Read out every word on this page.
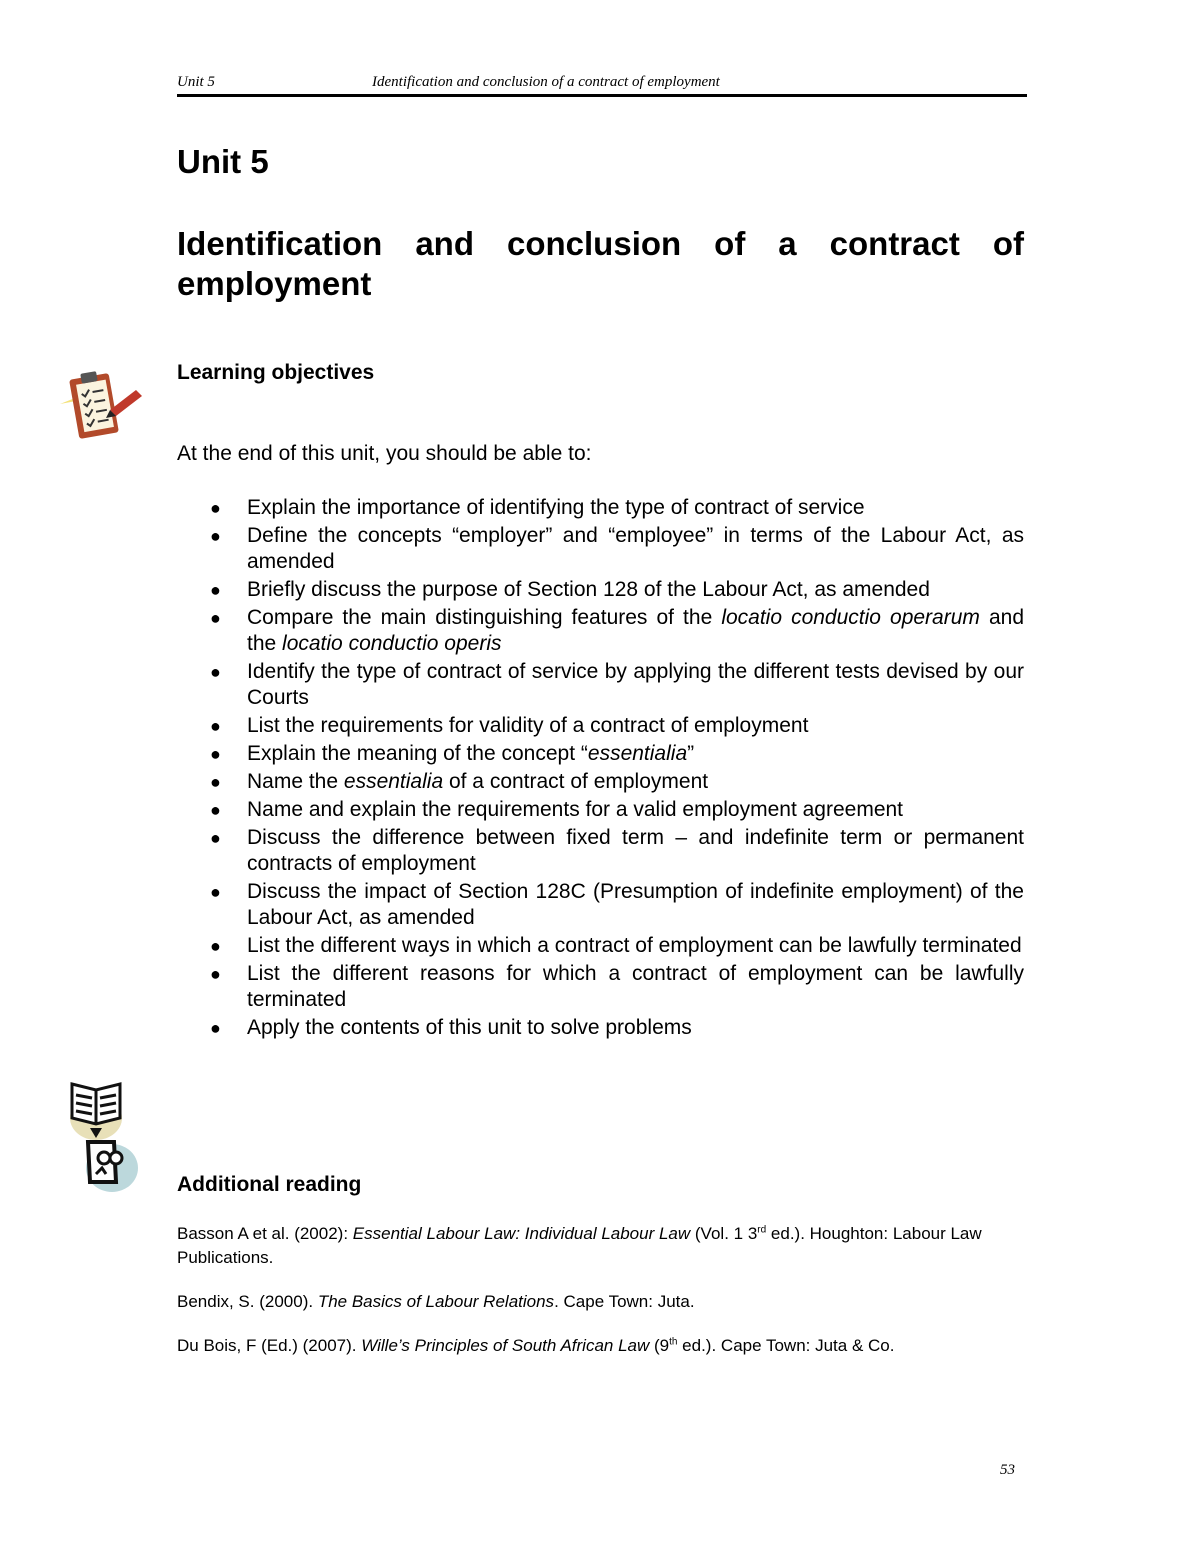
Unit 5	Identification and conclusion of a contract of employment
Unit 5
Identification and conclusion of a contract of employment
Learning objectives

At the end of this unit, you should be able to:

● Explain the importance of identifying the type of contract of service
● Define the concepts “employer” and “employee” in terms of the Labour Act, as amended
● Briefly discuss the purpose of Section 128 of the Labour Act, as amended
● Compare the main distinguishing features of the locatio conductio operarum and the locatio conductio operis
● Identify the type of contract of service by applying the different tests devised by our Courts
● List the requirements for validity of a contract of employment
● Explain the meaning of the concept “essentialia”
● Name the essentialia of a contract of employment
● Name and explain the requirements for a valid employment agreement
● Discuss the difference between fixed term – and indefinite term or permanent contracts of employment
● Discuss the impact of Section 128C (Presumption of indefinite employment) of the Labour Act, as amended
● List the different ways in which a contract of employment can be lawfully terminated
● List the different reasons for which a contract of employment can be lawfully terminated
● Apply the contents of this unit to solve problems
Additional reading

Basson A et al. (2002): Essential Labour Law: Individual Labour Law (Vol. 1 3rd ed.). Houghton: Labour Law Publications.

Bendix, S. (2000). The Basics of Labour Relations. Cape Town: Juta.

Du Bois, F (Ed.) (2007). Wille’s Principles of South African Law (9th ed.). Cape Town: Juta & Co.

53
